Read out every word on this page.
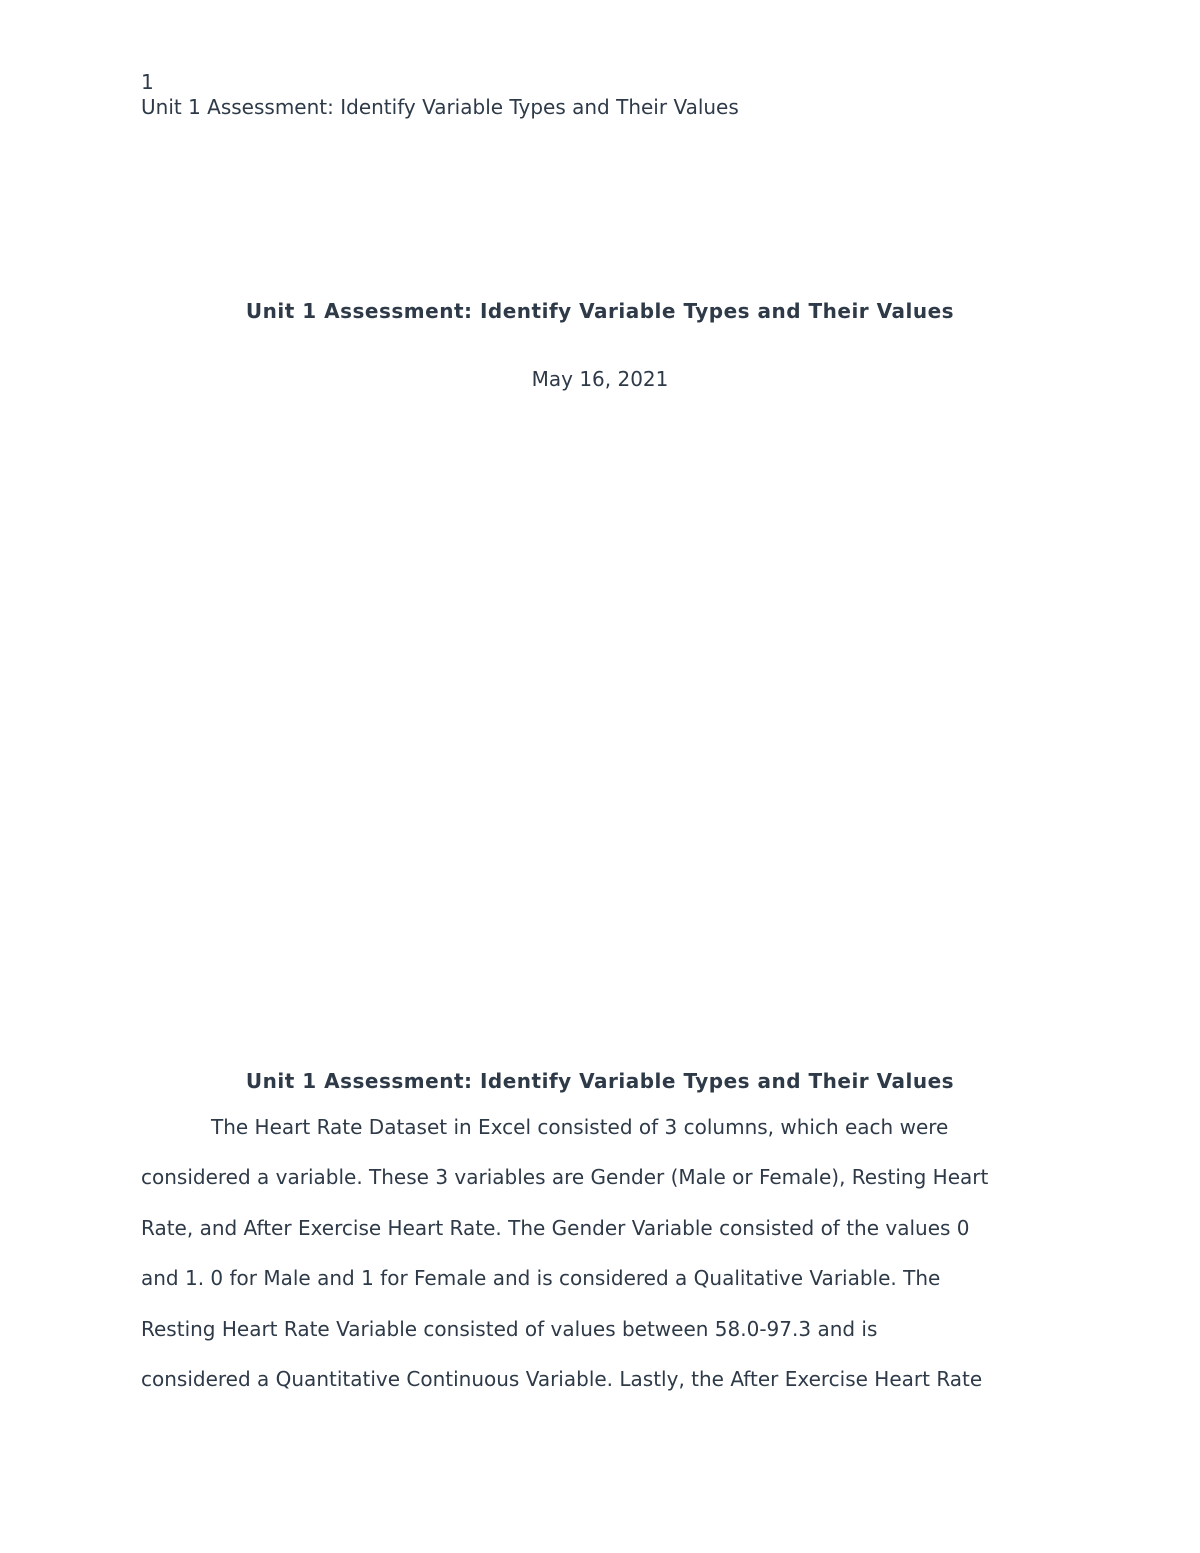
1
Unit 1 Assessment: Identify Variable Types and Their Values
Unit 1 Assessment: Identify Variable Types and Their Values
May 16, 2021
Unit 1 Assessment: Identify Variable Types and Their Values
The Heart Rate Dataset in Excel consisted of 3 columns, which each were
considered a variable. These 3 variables are Gender (Male or Female), Resting Heart
Rate, and After Exercise Heart Rate. The Gender Variable consisted of the values 0
and 1. 0 for Male and 1 for Female and is considered a Qualitative Variable. The
Resting Heart Rate Variable consisted of values between 58.0-97.3 and is
considered a Quantitative Continuous Variable. Lastly, the After Exercise Heart Rate
